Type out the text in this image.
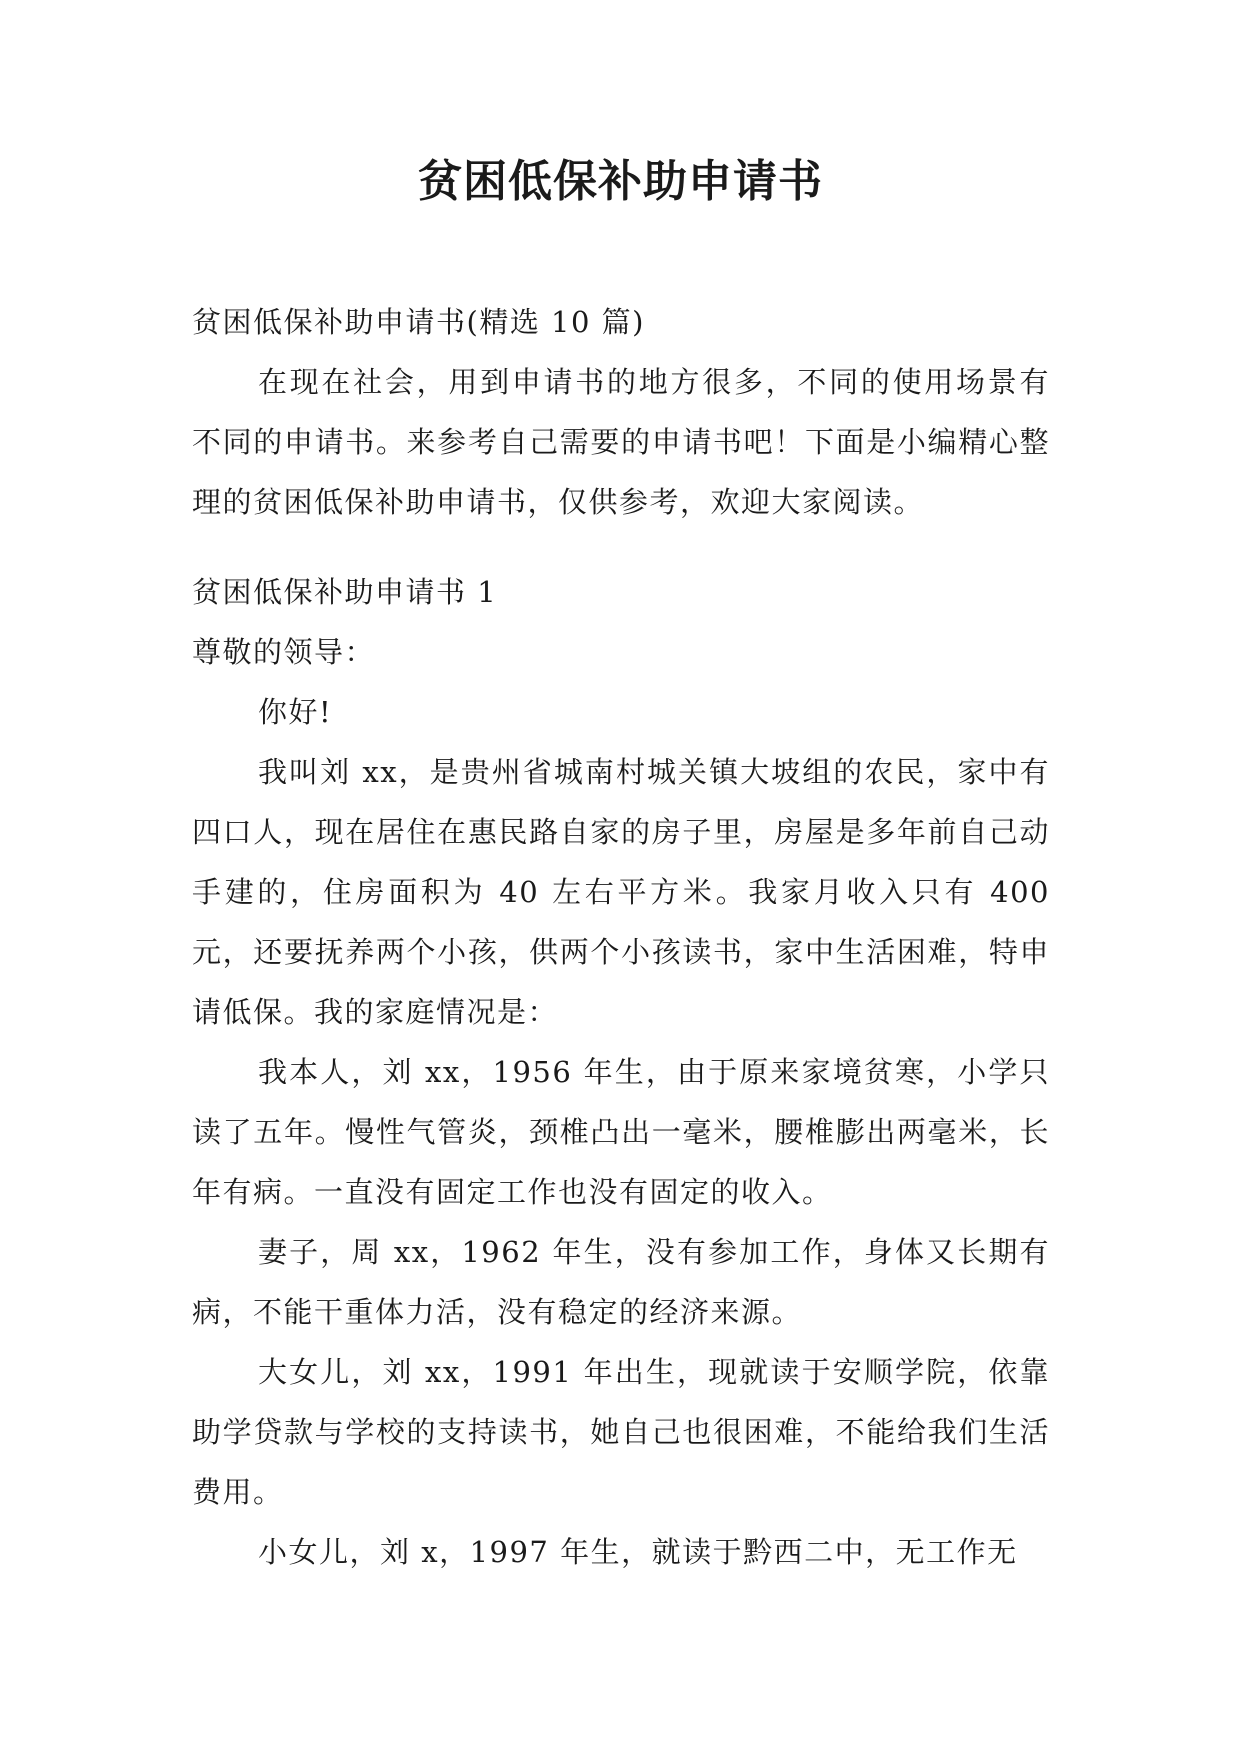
贫困低保补助申请书

贫困低保补助申请书(精选 10 篇)

在现在社会，用到申请书的地方很多，不同的使用场景有不同的申请书。来参考自己需要的申请书吧！下面是小编精心整理的贫困低保补助申请书，仅供参考，欢迎大家阅读。

贫困低保补助申请书 1

尊敬的领导：

你好!

我叫刘 xx，是贵州省城南村城关镇大坡组的农民，家中有四口人，现在居住在惠民路自家的房子里，房屋是多年前自己动手建的，住房面积为 40 左右平方米。我家月收入只有 400 元，还要抚养两个小孩，供两个小孩读书，家中生活困难，特申请低保。我的家庭情况是：

我本人，刘 xx，1956 年生，由于原来家境贫寒，小学只读了五年。慢性气管炎，颈椎凸出一毫米，腰椎膨出两毫米，长年有病。一直没有固定工作也没有固定的收入。

妻子，周 xx，1962 年生，没有参加工作，身体又长期有病，不能干重体力活，没有稳定的经济来源。

大女儿，刘 xx，1991 年出生，现就读于安顺学院，依靠助学贷款与学校的支持读书，她自己也很困难，不能给我们生活费用。

小女儿，刘 x，1997 年生，就读于黔西二中，无工作无
